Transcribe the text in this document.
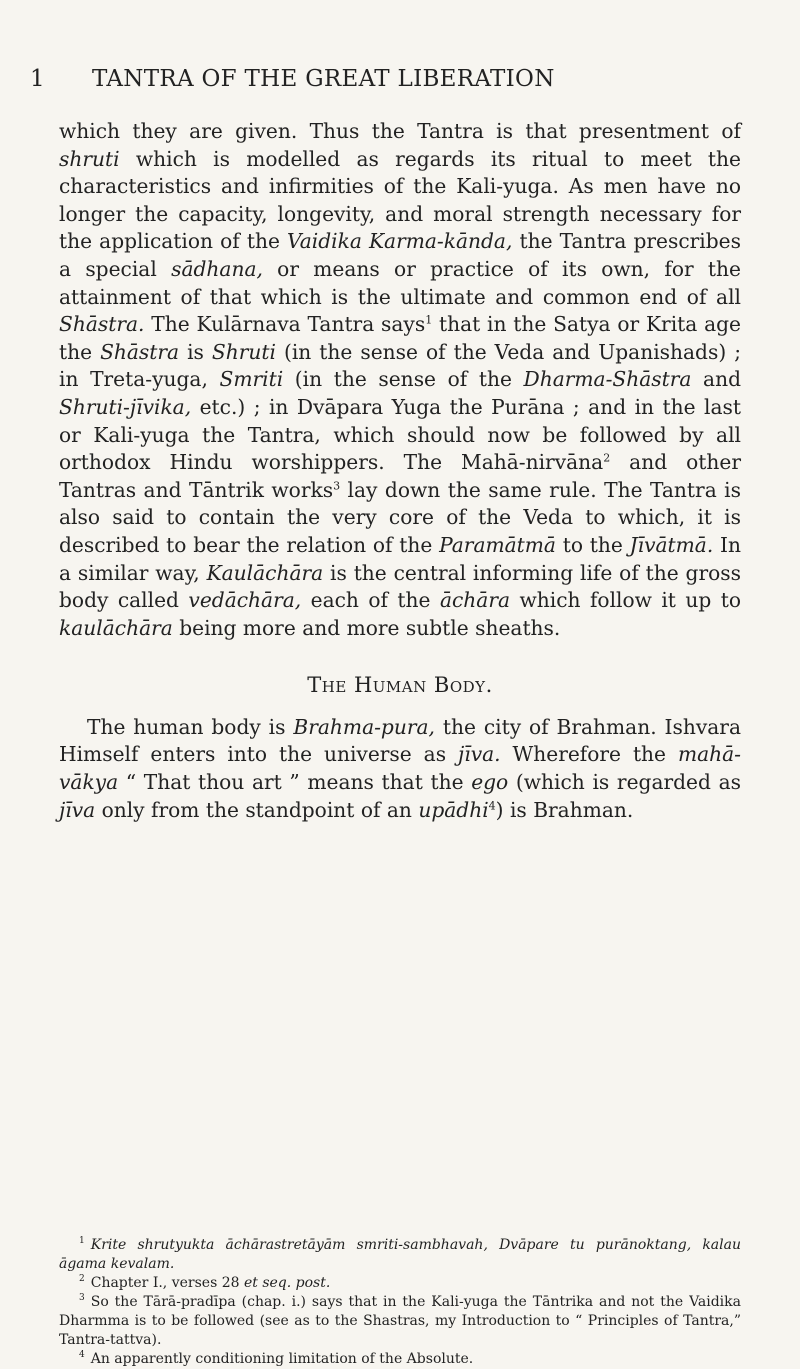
1 TANTRA OF THE GREAT LIBERATION

which they are given. Thus the Tantra is that presentment of shruti which is modelled as regards its ritual to meet the characteristics and infirmities of the Kali-yuga. As men have no longer the capacity, longevity, and moral strength necessary for the application of the Vaidika Karma-kānda, the Tantra prescribes a special sādhana, or means or practice of its own, for the attainment of that which is the ultimate and common end of all Shāstra. The Kulārnava Tantra says$^1$ that in the Satya or Krita age the Shāstra is Shruti (in the sense of the Veda and Upanishads) ; in Treta-yuga, Smriti (in the sense of the Dharma-Shāstra and Shruti-jīvika, etc.) ; in Dvāpara Yuga the Purāna ; and in the last or Kali-yuga the Tantra, which should now be followed by all orthodox Hindu worshippers. The Mahā-nirvāna$^2$ and other Tantras and Tāntrik works$^3$ lay down the same rule. The Tantra is also said to contain the very core of the Veda to which, it is described to bear the relation of the Paramātmā to the Jīvātmā. In a similar way, Kaulāchāra is the central informing life of the gross body called vedāchāra, each of the āchāra which follow it up to kaulāchāra being more and more subtle sheaths.

The Human Body.

The human body is Brahma-pura, the city of Brahman. Ishvara Himself enters into the universe as jīva. Wherefore the mahā-vākya “ That thou art ” means that the ego (which is regarded as jīva only from the standpoint of an upādhi$^4$) is Brahman.

$^1$ Krite shrutyukta āchārastretāyām smriti-sambhavah, Dvāpare tu purānoktang, kalau āgama kevalam.
$^2$ Chapter I., verses 28 et seq. post.
$^3$ So the Tārā-pradīpa (chap. i.) says that in the Kali-yuga the Tāntrika and not the Vaidika Dharmma is to be followed (see as to the Shastras, my Introduction to “ Principles of Tantra,” Tantra-tattva).
$^4$ An apparently conditioning limitation of the Absolute.
